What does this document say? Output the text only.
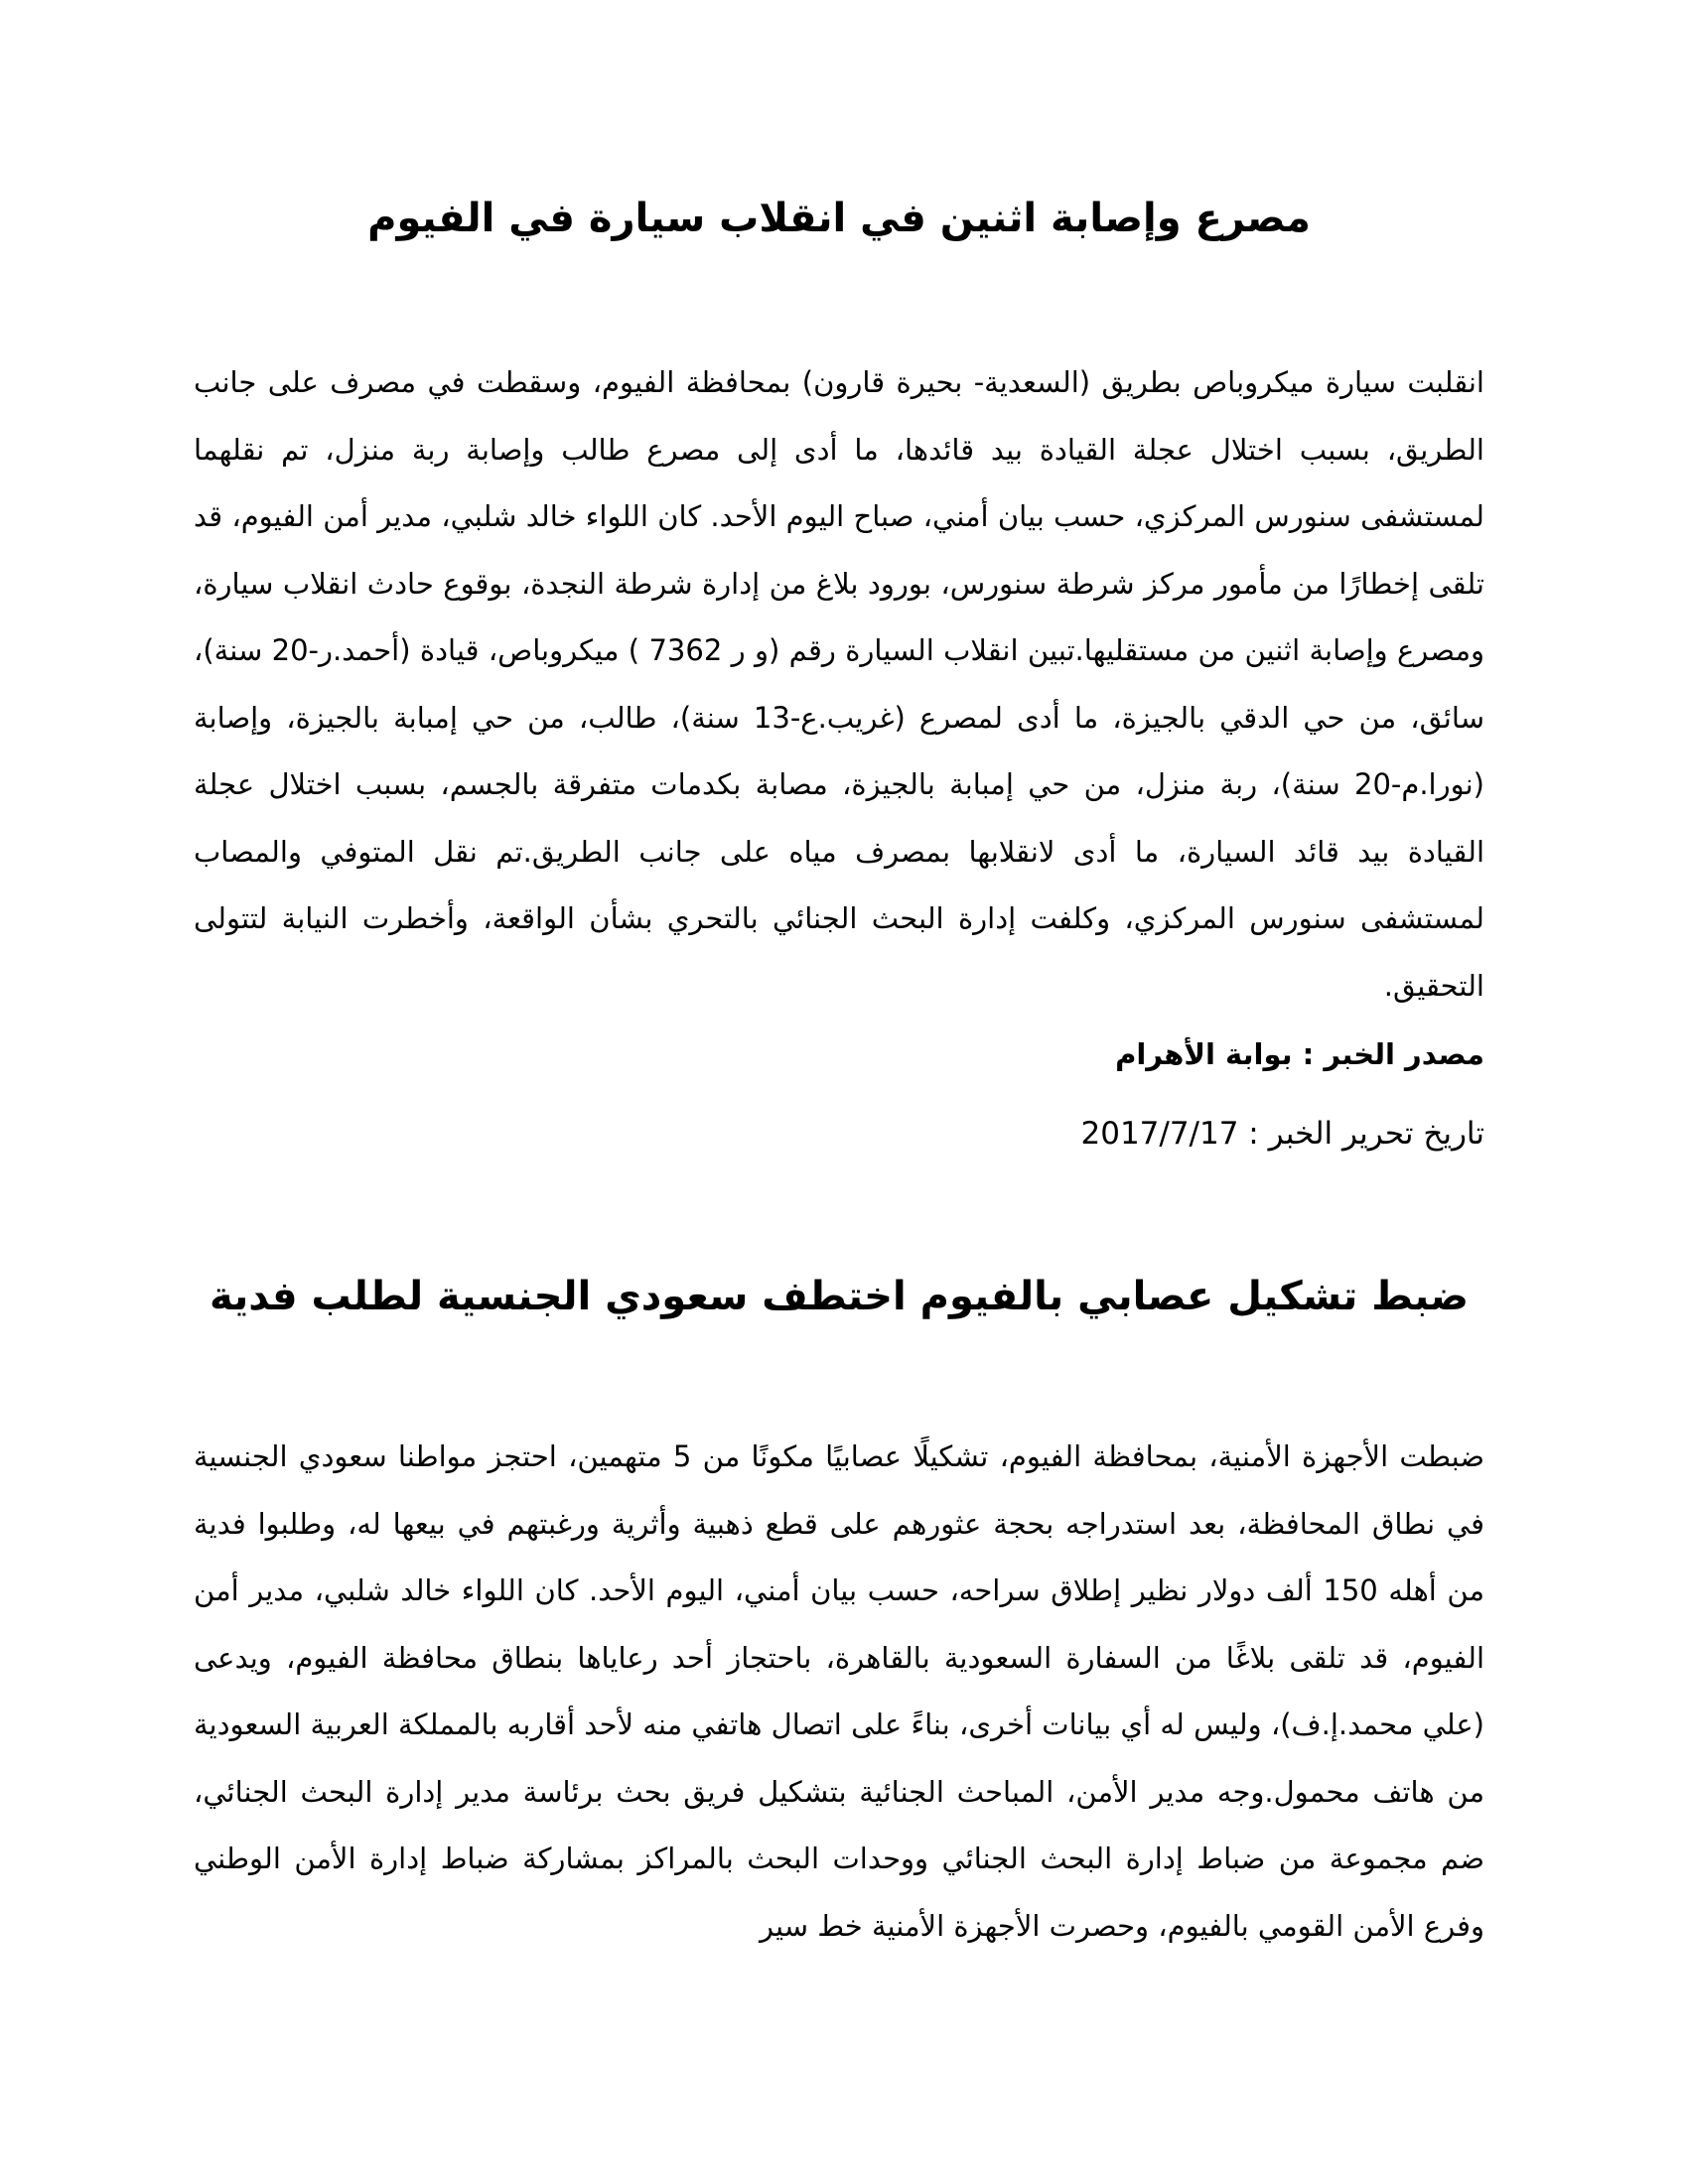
مصرع وإصابة اثنين في انقلاب سيارة في الفيوم

انقلبت سيارة ميكروباص بطريق (السعدية- بحيرة قارون) بمحافظة الفيوم، وسقطت في مصرف على جانب الطريق، بسبب اختلال عجلة القيادة بيد قائدها، ما أدى إلى مصرع طالب وإصابة ربة منزل، تم نقلهما لمستشفى سنورس المركزي، حسب بيان أمني، صباح اليوم الأحد. كان اللواء خالد شلبي، مدير أمن الفيوم، قد تلقى إخطارًا من مأمور مركز شرطة سنورس، بورود بلاغ من إدارة شرطة النجدة، بوقوع حادث انقلاب سيارة، ومصرع وإصابة اثنين من مستقليها.تبين انقلاب السيارة رقم (و ر 7362 ) ميكروباص، قيادة (أحمد.ر-20 سنة)، سائق، من حي الدقي بالجيزة، ما أدى لمصرع (غريب.ع-13 سنة)، طالب، من حي إمبابة بالجيزة، وإصابة (نورا.م-20 سنة)، ربة منزل، من حي إمبابة بالجيزة، مصابة بكدمات متفرقة بالجسم، بسبب اختلال عجلة القيادة بيد قائد السيارة، ما أدى لانقلابها بمصرف مياه على جانب الطريق.تم نقل المتوفي والمصاب لمستشفى سنورس المركزي، وكلفت إدارة البحث الجنائي بالتحري بشأن الواقعة، وأخطرت النيابة لتتولى التحقيق.

مصدر الخبر : بوابة الأهرام

تاريخ تحرير الخبر : 2017/7/17

ضبط تشكيل عصابي بالفيوم اختطف سعودي الجنسية لطلب فدية

ضبطت الأجهزة الأمنية، بمحافظة الفيوم، تشكيلًا عصابيًا مكونًا من 5 متهمين، احتجز مواطنا سعودي الجنسية في نطاق المحافظة، بعد استدراجه بحجة عثورهم على قطع ذهبية وأثرية ورغبتهم في بيعها له، وطلبوا فدية من أهله 150 ألف دولار نظير إطلاق سراحه، حسب بيان أمني، اليوم الأحد. كان اللواء خالد شلبي، مدير أمن الفيوم، قد تلقى بلاغًا من السفارة السعودية بالقاهرة، باحتجاز أحد رعاياها بنطاق محافظة الفيوم، ويدعى (علي محمد.إ.ف)، وليس له أي بيانات أخرى، بناءً على اتصال هاتفي منه لأحد أقاربه بالمملكة العربية السعودية من هاتف محمول.وجه مدير الأمن، المباحث الجنائية بتشكيل فريق بحث برئاسة مدير إدارة البحث الجنائي، ضم مجموعة من ضباط إدارة البحث الجنائي ووحدات البحث بالمراكز بمشاركة ضباط إدارة الأمن الوطني وفرع الأمن القومي بالفيوم، وحصرت الأجهزة الأمنية خط سير
